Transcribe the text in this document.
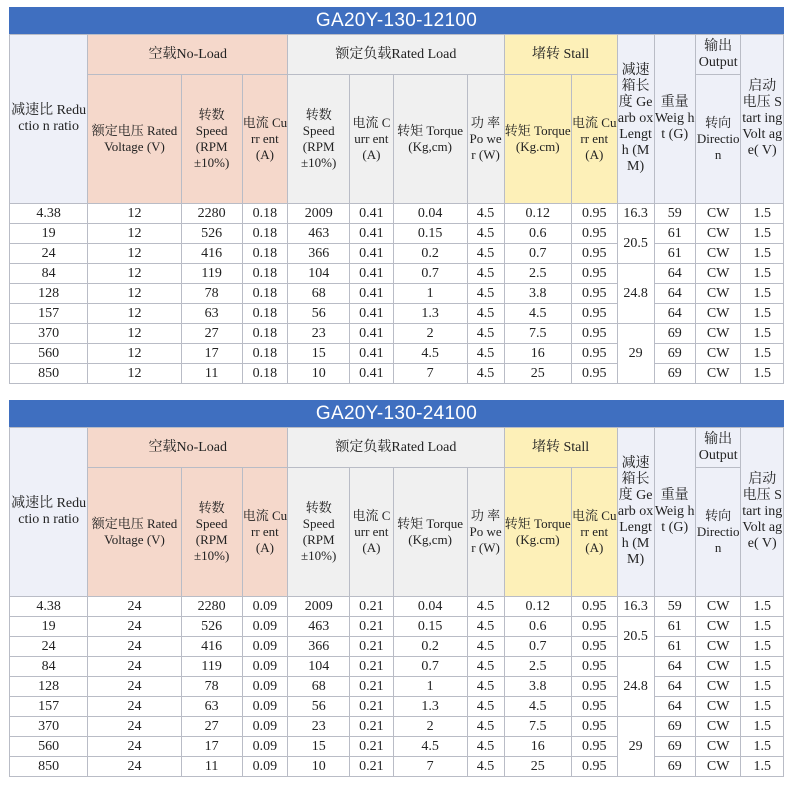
GA20Y-130-12100
减速比 Reductio n ratio	空载No-Load			额定负载Rated Load				堵转 Stall		减速 箱长 度 Gearb ox Lengt h (MM)	重量 Weig ht (G)	输出 Output	启动 电压 Start ing Volt age( V)
	额定电压 Rated Voltage (V)	转数 Speed (RPM ±10%)	电流 Curr ent (A)	转数 Speed (RPM ±10%)	电流 Curr ent (A)	转矩 Torque (Kg,cm)	功 率 Po wer (W)	转矩 Torque (Kg.cm)	电流 Curr ent (A)			转向 Directio n	
4.38	12	2280	0.18	2009	0.41	0.04	4.5	0.12	0.95	16.3	59	CW	1.5
19	12	526	0.18	463	0.41	0.15	4.5	0.6	0.95	20.5	61	CW	1.5
24	12	416	0.18	366	0.41	0.2	4.5	0.7	0.95		61	CW	1.5
84	12	119	0.18	104	0.41	0.7	4.5	2.5	0.95	24.8	64	CW	1.5
128	12	78	0.18	68	0.41	1	4.5	3.8	0.95		64	CW	1.5
157	12	63	0.18	56	0.41	1.3	4.5	4.5	0.95		64	CW	1.5
370	12	27	0.18	23	0.41	2	4.5	7.5	0.95	29	69	CW	1.5
560	12	17	0.18	15	0.41	4.5	4.5	16	0.95		69	CW	1.5
850	12	11	0.18	10	0.41	7	4.5	25	0.95		69	CW	1.5
GA20Y-130-24100
减速比 Reductio n ratio	空载No-Load			额定负载Rated Load				堵转 Stall		减速 箱长 度 Gearb ox Lengt h (MM)	重量 Weig ht (G)	输出 Output	启动 电压 Start ing Volt age( V)
	额定电压 Rated Voltage (V)	转数 Speed (RPM ±10%)	电流 Curr ent (A)	转数 Speed (RPM ±10%)	电流 Curr ent (A)	转矩 Torque (Kg,cm)	功 率 Po wer (W)	转矩 Torque (Kg.cm)	电流 Curr ent (A)			转向 Directio n	
4.38	24	2280	0.09	2009	0.21	0.04	4.5	0.12	0.95	16.3	59	CW	1.5
19	24	526	0.09	463	0.21	0.15	4.5	0.6	0.95	20.5	61	CW	1.5
24	24	416	0.09	366	0.21	0.2	4.5	0.7	0.95		61	CW	1.5
84	24	119	0.09	104	0.21	0.7	4.5	2.5	0.95	24.8	64	CW	1.5
128	24	78	0.09	68	0.21	1	4.5	3.8	0.95		64	CW	1.5
157	24	63	0.09	56	0.21	1.3	4.5	4.5	0.95		64	CW	1.5
370	24	27	0.09	23	0.21	2	4.5	7.5	0.95	29	69	CW	1.5
560	24	17	0.09	15	0.21	4.5	4.5	16	0.95		69	CW	1.5
850	24	11	0.09	10	0.21	7	4.5	25	0.95		69	CW	1.5
